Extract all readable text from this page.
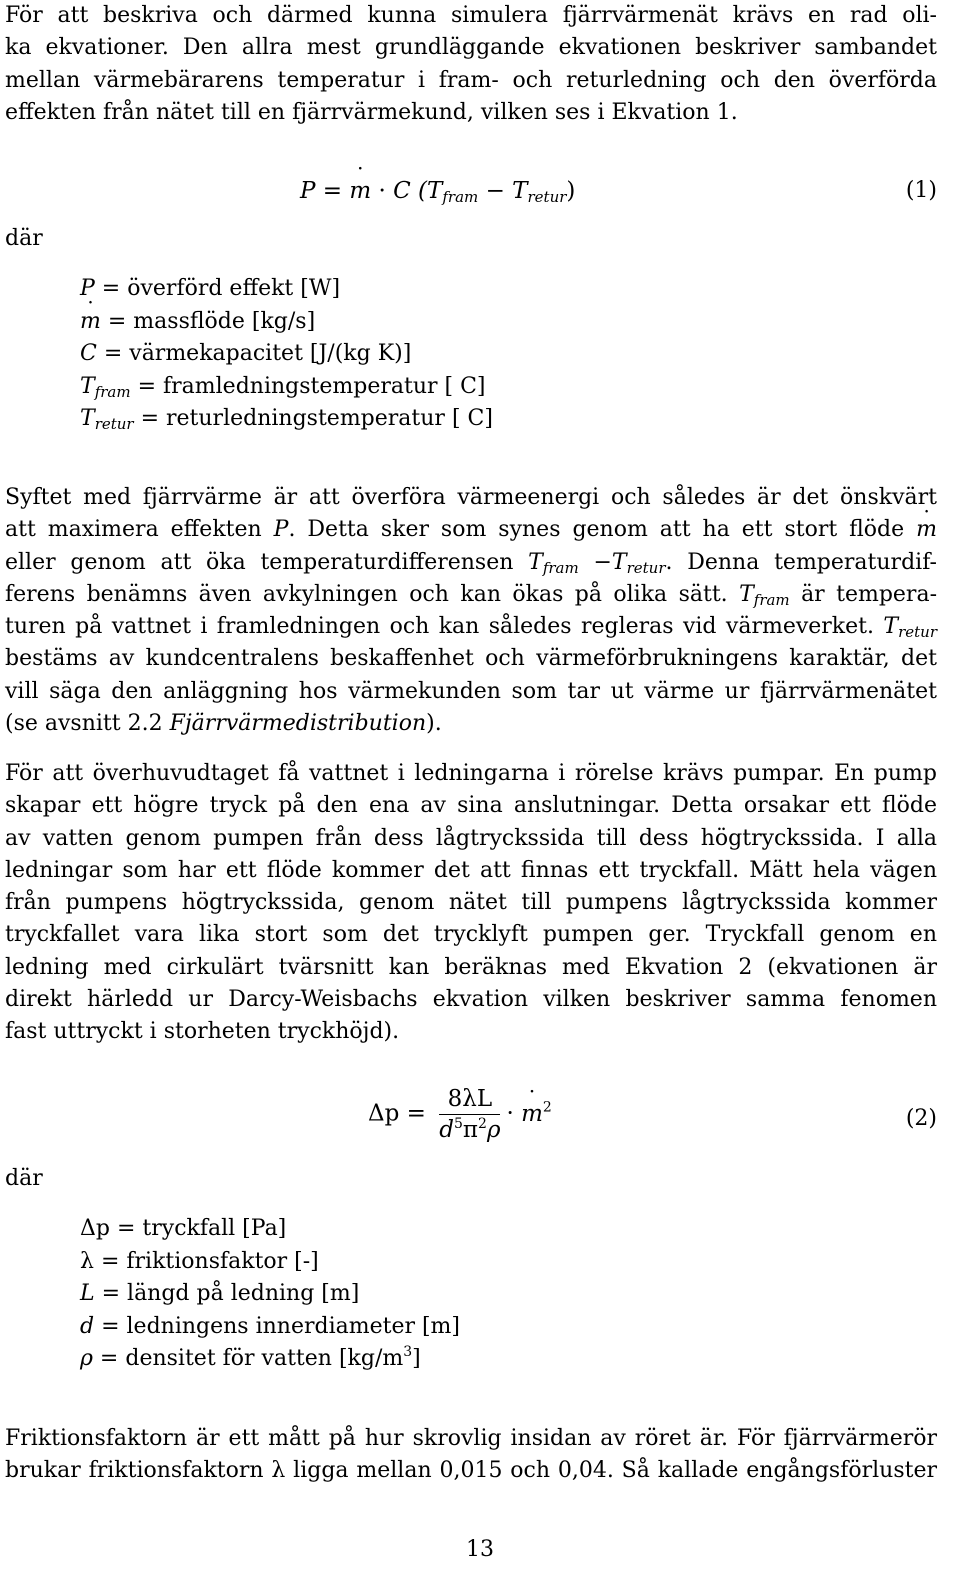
För att beskriva och därmed kunna simulera fjärrvärmenät krävs en rad oli-
ka ekvationer. Den allra mest grundläggande ekvationen beskriver sambandet
mellan värmebärarens temperatur i fram- och returledning och den överförda
effekten från nätet till en fjärrvärmekund, vilken ses i Ekvation 1.

P = m ˙ · C $(T_{fram} - T_{retur})$	(1)
där
P = överförd effekt [W]
m ˙ = massflöde [kg/s]
C = värmekapacitet [J/(kg K)]
$T_{fram}$ = framledningstemperatur [ C]
$T_{retur}$ = returledningstemperatur [ C]

Syftet med fjärrvärme är att överföra värmeenergi och således är det önskvärt
att maximera effekten P. Detta sker som synes genom att ha ett stort flöde m ˙
eller genom att öka temperaturdifferensen $T_{fram} -T_{retur}$. Denna temperaturdif-
ferens benämns även avkylningen och kan ökas på olika sätt. $T_{fram}$ är tempera-
turen på vattnet i framledningen och kan således regleras vid värmeverket. $T_{retur}$
bestäms av kundcentralens beskaffenhet och värmeförbrukningens karaktär, det
vill säga den anläggning hos värmekunden som tar ut värme ur fjärrvärmenätet
(se avsnitt 2.2 Fjärrvärmedistribution).

För att överhuvudtaget få vattnet i ledningarna i rörelse krävs pumpar. En pump
skapar ett högre tryck på den ena av sina anslutningar. Detta orsakar ett flöde
av vatten genom pumpen från dess lågtryckssida till dess högtryckssida. I alla
ledningar som har ett flöde kommer det att finnas ett tryckfall. Mätt hela vägen
från pumpens högtryckssida, genom nätet till pumpens lågtryckssida kommer
tryckfallet vara lika stort som det trycklyft pumpen ger. Tryckfall genom en
ledning med cirkulärt tvärsnitt kan beräknas med Ekvation 2 (ekvationen är
direkt härledd ur Darcy-Weisbachs ekvation vilken beskriver samma fenomen
fast uttryckt i storheten tryckhöjd).

$\Delta p = \frac{8\lambda L}{d^5\pi^2\rho} \cdot m$ ˙$^2$	(2)
där
Δp = tryckfall [Pa]
λ = friktionsfaktor [-]
L = längd på ledning [m]
d = ledningens innerdiameter [m]
ρ = densitet för vatten $[kg/m^3]$

Friktionsfaktorn är ett mått på hur skrovlig insidan av röret är. För fjärrvärmerör
brukar friktionsfaktorn λ ligga mellan 0,015 och 0,04. Så kallade engångsförluster

13
